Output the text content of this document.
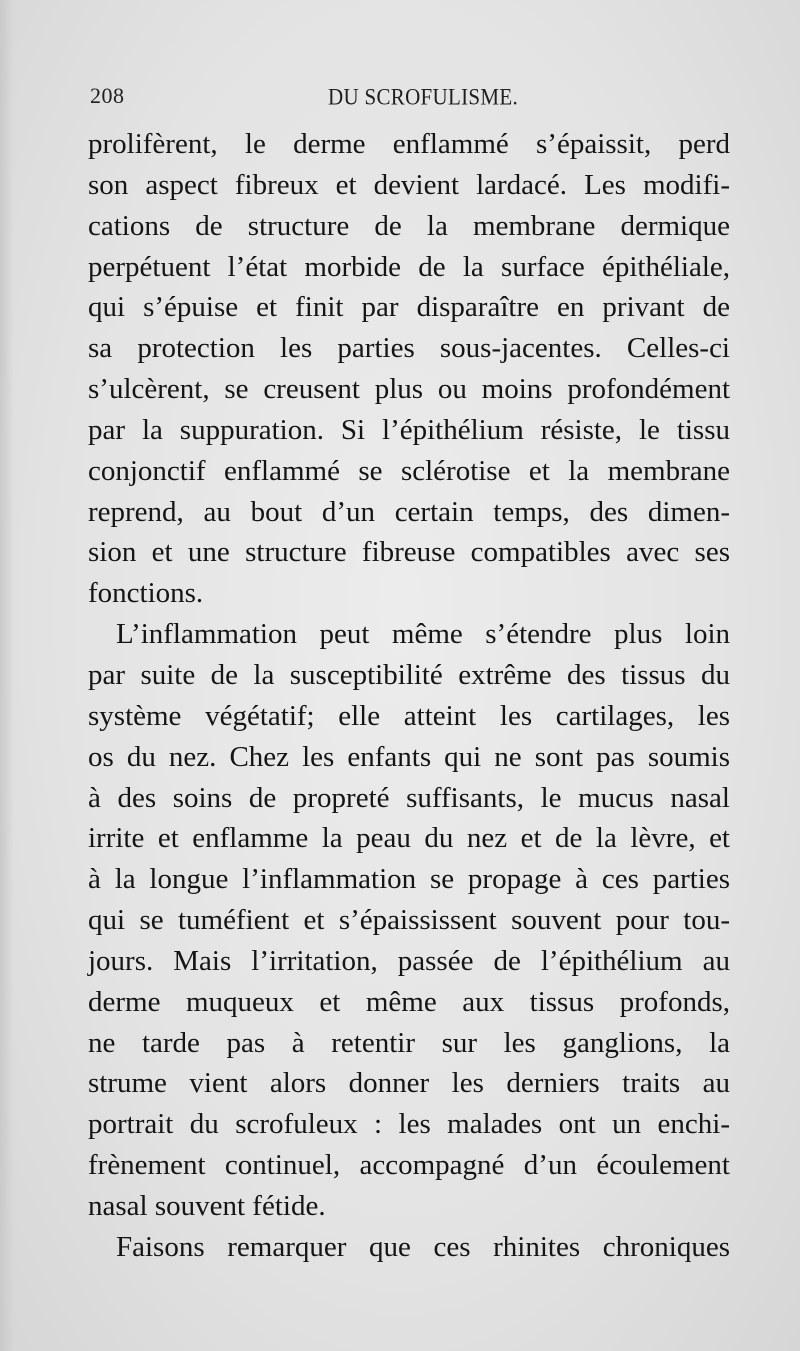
208	DU SCROFULISME.
prolifèrent, le derme enflammé s’épaissit, perd
son aspect fibreux et devient lardacé. Les modifi-
cations de structure de la membrane dermique
perpétuent l’état morbide de la surface épithéliale,
qui s’épuise et finit par disparaître en privant de
sa protection les parties sous-jacentes. Celles-ci
s’ulcèrent, se creusent plus ou moins profondément
par la suppuration. Si l’épithélium résiste, le tissu
conjonctif enflammé se sclérotise et la membrane
reprend, au bout d’un certain temps, des dimen-
sion et une structure fibreuse compatibles avec ses
fonctions.
L’inflammation peut même s’étendre plus loin
par suite de la susceptibilité extrême des tissus du
système végétatif; elle atteint les cartilages, les
os du nez. Chez les enfants qui ne sont pas soumis
à des soins de propreté suffisants, le mucus nasal
irrite et enflamme la peau du nez et de la lèvre, et
à la longue l’inflammation se propage à ces parties
qui se tuméfient et s’épaississent souvent pour tou-
jours. Mais l’irritation, passée de l’épithélium au
derme muqueux et même aux tissus profonds,
ne tarde pas à retentir sur les ganglions, la
strume vient alors donner les derniers traits au
portrait du scrofuleux : les malades ont un enchi-
frènement continuel, accompagné d’un écoulement
nasal souvent fétide.
Faisons remarquer que ces rhinites chroniques
